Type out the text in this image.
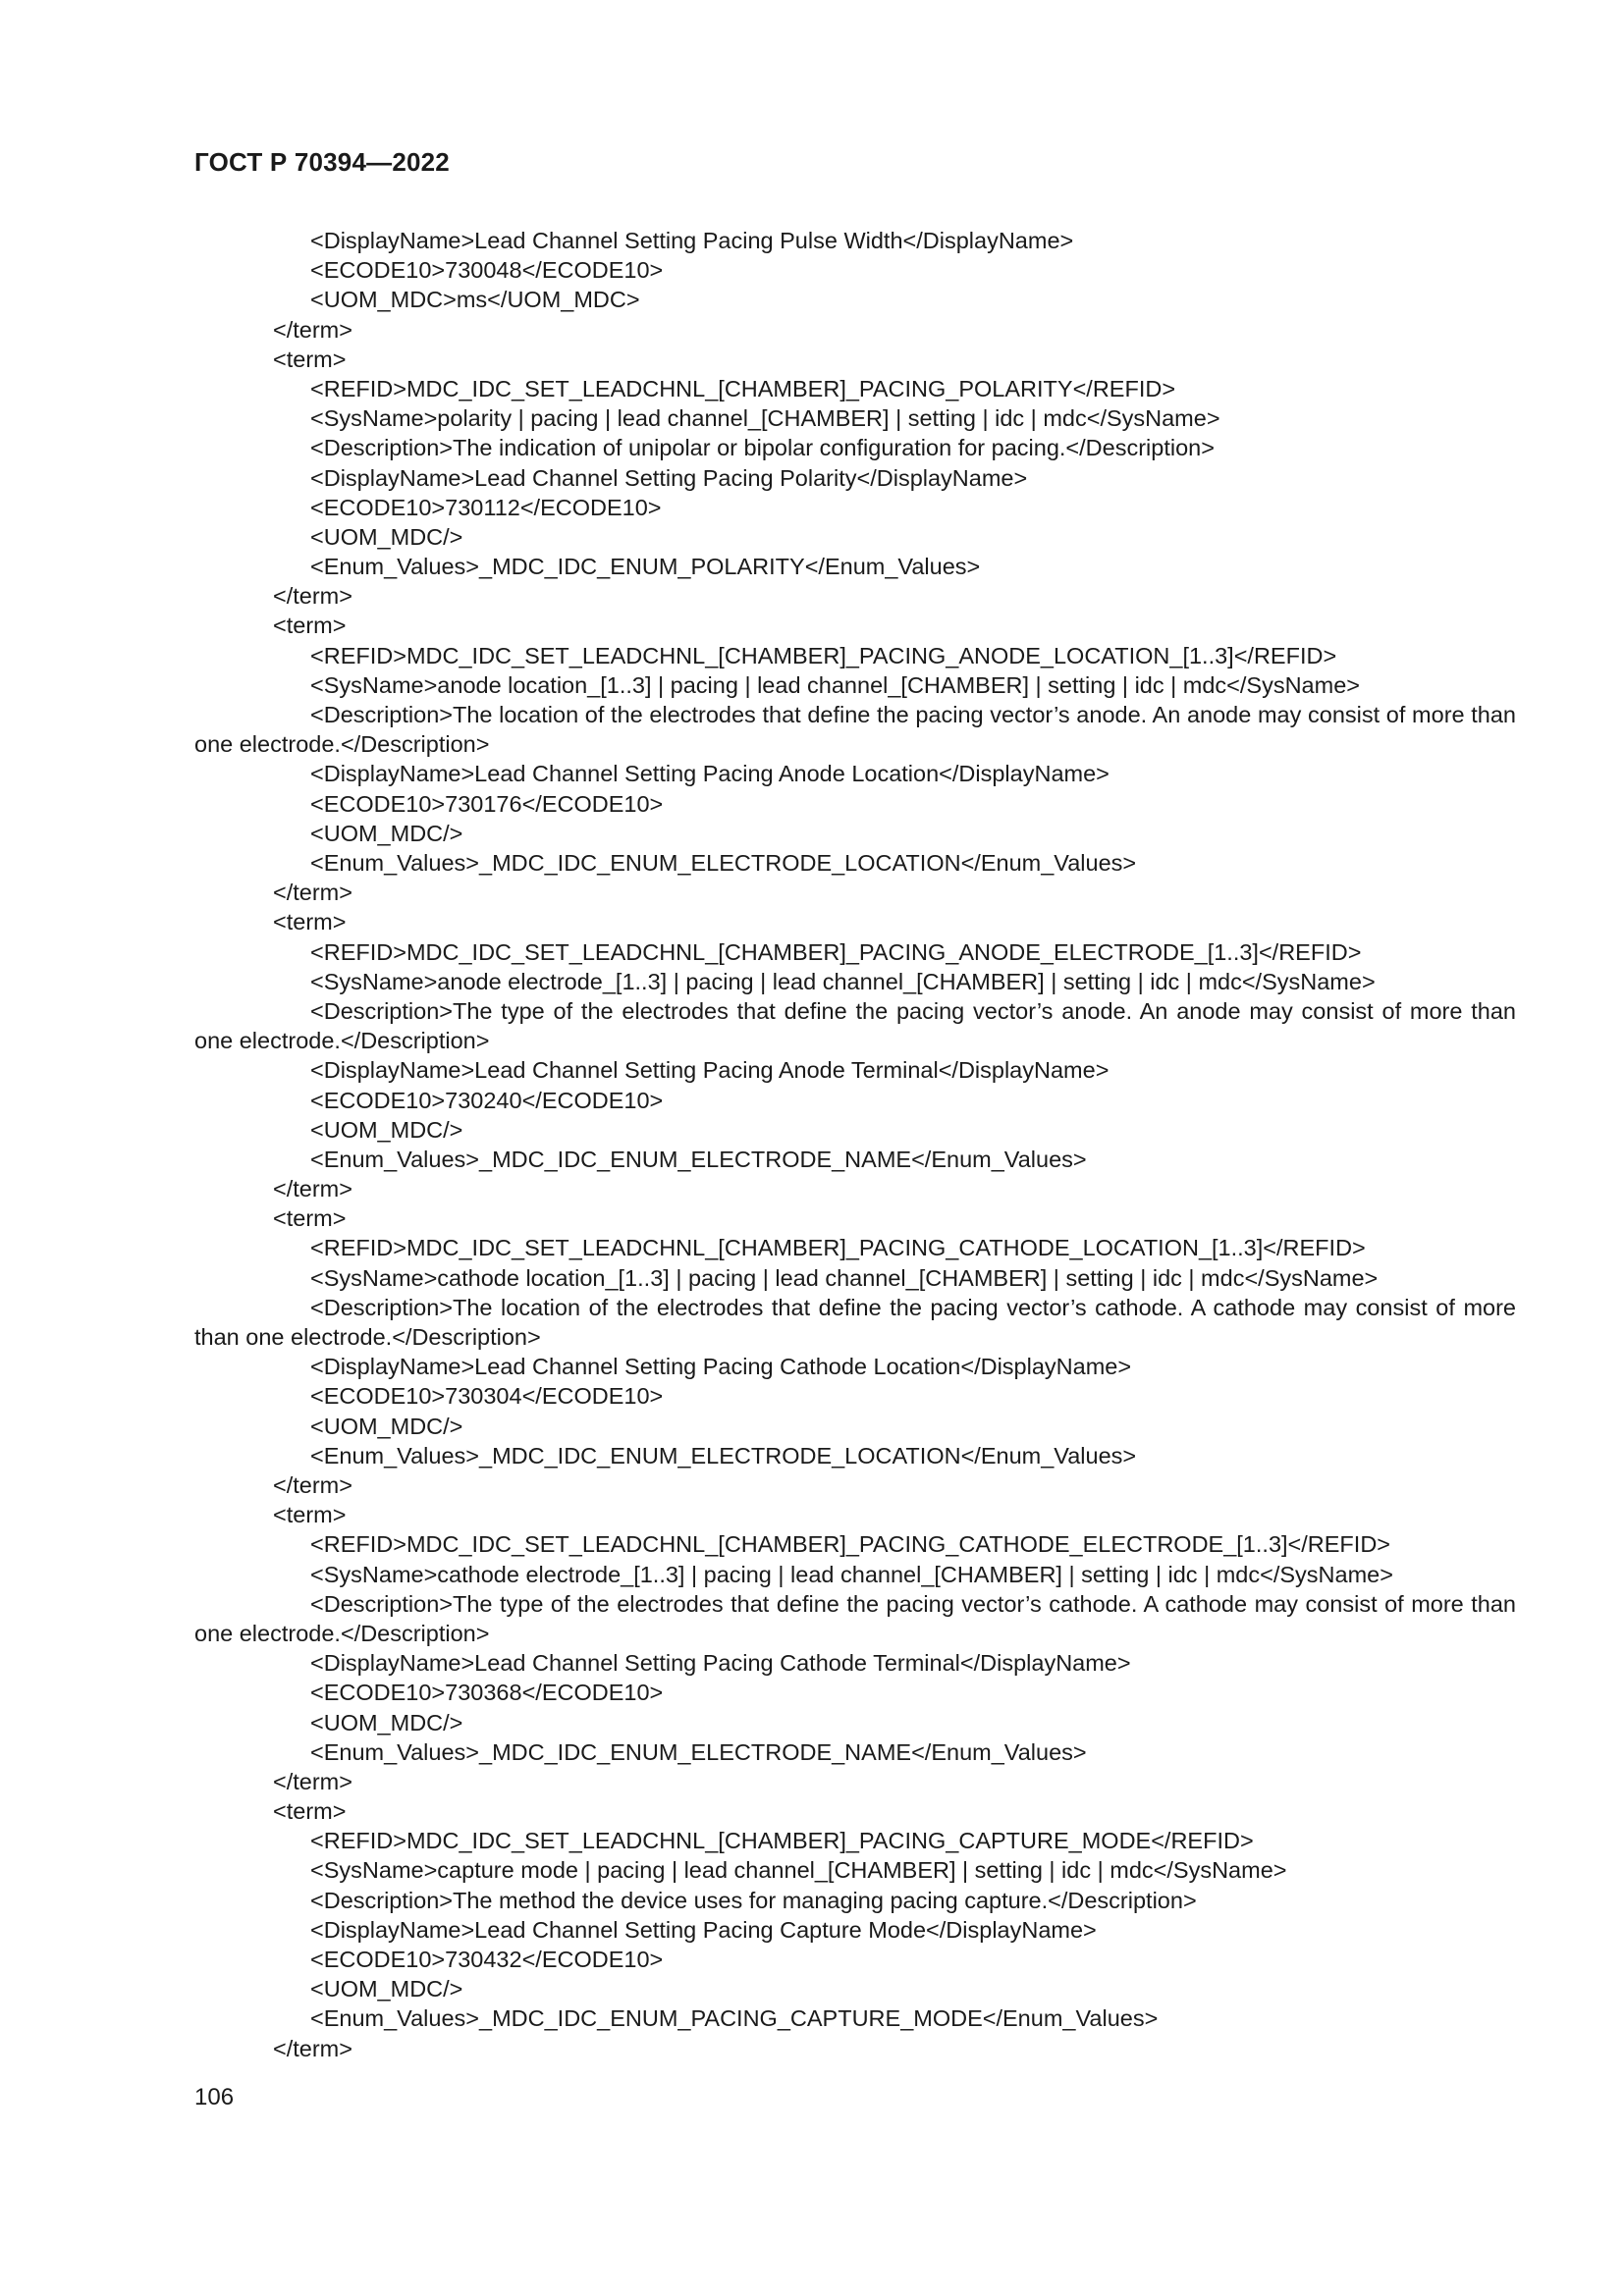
ГОСТ Р 70394—2022
<DisplayName>Lead Channel Setting Pacing Pulse Width</DisplayName>
<ECODE10>730048</ECODE10>
<UOM_MDC>ms</UOM_MDC>
</term>
<term>
<REFID>MDC_IDC_SET_LEADCHNL_[CHAMBER]_PACING_POLARITY</REFID>
<SysName>polarity | pacing | lead channel_[CHAMBER] | setting | idc | mdc</SysName>
<Description>The indication of unipolar or bipolar configuration for pacing.</Description>
<DisplayName>Lead Channel Setting Pacing Polarity</DisplayName>
<ECODE10>730112</ECODE10>
<UOM_MDC/>
<Enum_Values>_MDC_IDC_ENUM_POLARITY</Enum_Values>
</term>
<term>
<REFID>MDC_IDC_SET_LEADCHNL_[CHAMBER]_PACING_ANODE_LOCATION_[1..3]</REFID>
<SysName>anode location_[1..3] | pacing | lead channel_[CHAMBER] | setting | idc | mdc</SysName>
<Description>The location of the electrodes that define the pacing vector’s anode. An anode may consist of more than one electrode.</Description>
<DisplayName>Lead Channel Setting Pacing Anode Location</DisplayName>
<ECODE10>730176</ECODE10>
<UOM_MDC/>
<Enum_Values>_MDC_IDC_ENUM_ELECTRODE_LOCATION</Enum_Values>
</term>
<term>
<REFID>MDC_IDC_SET_LEADCHNL_[CHAMBER]_PACING_ANODE_ELECTRODE_[1..3]</REFID>
<SysName>anode electrode_[1..3] | pacing | lead channel_[CHAMBER] | setting | idc | mdc</SysName>
<Description>The type of the electrodes that define the pacing vector’s anode. An anode may consist of more than one electrode.</Description>
<DisplayName>Lead Channel Setting Pacing Anode Terminal</DisplayName>
<ECODE10>730240</ECODE10>
<UOM_MDC/>
<Enum_Values>_MDC_IDC_ENUM_ELECTRODE_NAME</Enum_Values>
</term>
<term>
<REFID>MDC_IDC_SET_LEADCHNL_[CHAMBER]_PACING_CATHODE_LOCATION_[1..3]</REFID>
<SysName>cathode location_[1..3] | pacing | lead channel_[CHAMBER] | setting | idc | mdc</SysName>
<Description>The location of the electrodes that define the pacing vector’s cathode. A cathode may consist of more than one electrode.</Description>
<DisplayName>Lead Channel Setting Pacing Cathode Location</DisplayName>
<ECODE10>730304</ECODE10>
<UOM_MDC/>
<Enum_Values>_MDC_IDC_ENUM_ELECTRODE_LOCATION</Enum_Values>
</term>
<term>
<REFID>MDC_IDC_SET_LEADCHNL_[CHAMBER]_PACING_CATHODE_ELECTRODE_[1..3]</REFID>
<SysName>cathode electrode_[1..3] | pacing | lead channel_[CHAMBER] | setting | idc | mdc</SysName>
<Description>The type of the electrodes that define the pacing vector’s cathode. A cathode may consist of more than one electrode.</Description>
<DisplayName>Lead Channel Setting Pacing Cathode Terminal</DisplayName>
<ECODE10>730368</ECODE10>
<UOM_MDC/>
<Enum_Values>_MDC_IDC_ENUM_ELECTRODE_NAME</Enum_Values>
</term>
<term>
<REFID>MDC_IDC_SET_LEADCHNL_[CHAMBER]_PACING_CAPTURE_MODE</REFID>
<SysName>capture mode | pacing | lead channel_[CHAMBER] | setting | idc | mdc</SysName>
<Description>The method the device uses for managing pacing capture.</Description>
<DisplayName>Lead Channel Setting Pacing Capture Mode</DisplayName>
<ECODE10>730432</ECODE10>
<UOM_MDC/>
<Enum_Values>_MDC_IDC_ENUM_PACING_CAPTURE_MODE</Enum_Values>
</term>
106
